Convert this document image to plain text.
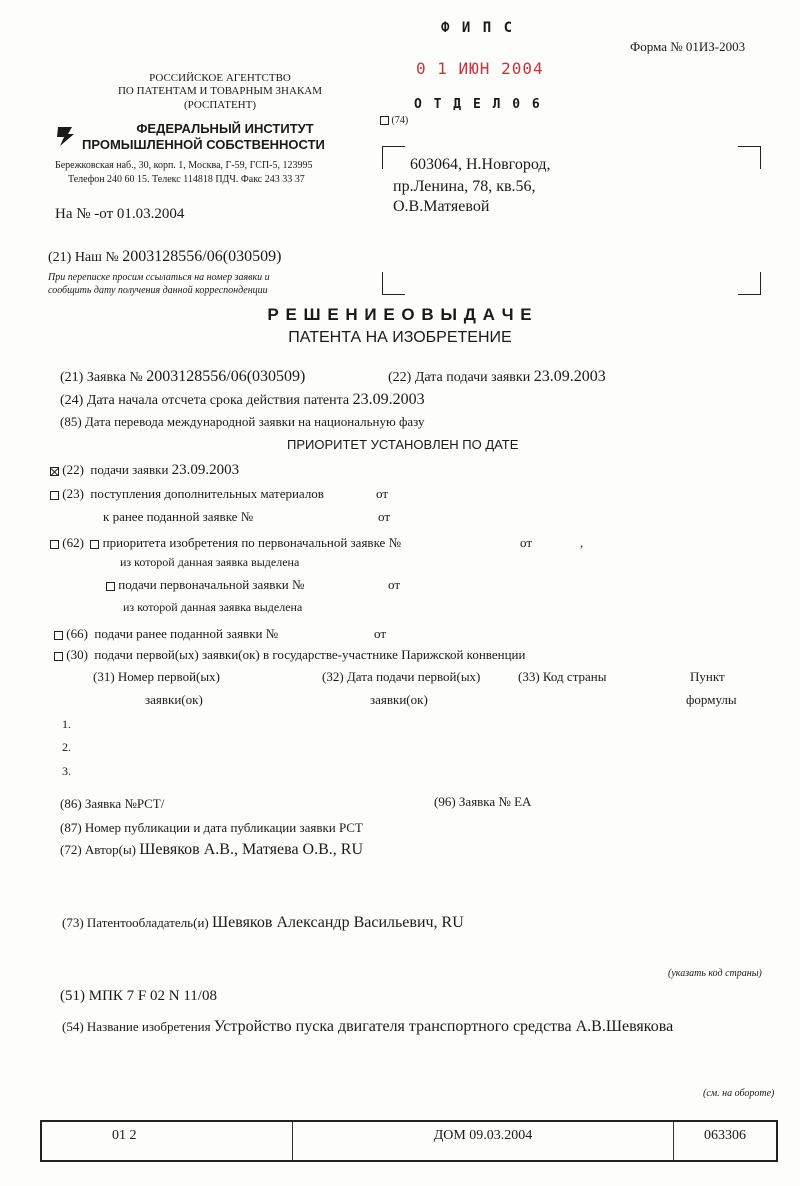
Ф И П С
0 1 ИЮН 2004
О Т Д Е Л 0 6
Форма № 01ИЗ-2003
РОССИЙСКОЕ АГЕНТСТВО
ПО ПАТЕНТАМ И ТОВАРНЫМ ЗНАКАМ
(РОСПАТЕНТ)
ФЕДЕРАЛЬНЫЙ ИНСТИТУТ
ПРОМЫШЛЕННОЙ СОБСТВЕННОСТИ
Бережковская наб., 30, корп. 1, Москва, Г-59, ГСП-5, 123995
Телефон 240 60 15. Телекс 114818 ПДЧ. Факс 243 33 37
(74)
603064, Н.Новгород,
пр.Ленина, 78, кв.56,
О.В.Матяевой
На № -от 01.03.2004
(21) Наш № 2003128556/06(030509)
При переписке просим ссылаться на номер заявки и
сообщить дату получения данной корреспонденции
Р Е Ш Е Н И Е О В Ы Д А Ч Е
ПАТЕНТА НА ИЗОБРЕТЕНИЕ
(21) Заявка № 2003128556/06(030509)	(22) Дата подачи заявки 23.09.2003
(24) Дата начала отсчета срока действия патента 23.09.2003
(85) Дата перевода международной заявки на национальную фазу
ПРИОРИТЕТ УСТАНОВЛЕН ПО ДАТЕ
(22) подачи заявки 23.09.2003
(23) поступления дополнительных материалов	от
к ранее поданной заявке №	от
(62) приоритета изобретения по первоначальной заявке №	от	,
из которой данная заявка выделена
подачи первоначальной заявки №	от
из которой данная заявка выделена
(66) подачи ранее поданной заявки №	от
(30) подачи первой(ых) заявки(ок) в государстве-участнике Парижской конвенции
(31) Номер первой(ых)
заявки(ок)
(32) Дата подачи первой(ых)
заявки(ок)
(33) Код страны	Пункт
формулы
1.
2.
3.
(86) Заявка №PCT/	(96) Заявка № ЕА
(87) Номер публикации и дата публикации заявки PCT
(72) Автор(ы) Шевяков А.В., Матяева О.В., RU
(73) Патентообладатель(и) Шевяков Александр Васильевич, RU
(указать код страны)
(51) МПК 7 F 02 N 11/08
(54) Название изобретения Устройство пуска двигателя транспортного средства А.В.Шевякова
(см. на обороте)
01 2	ДОМ 09.03.2004	063306
